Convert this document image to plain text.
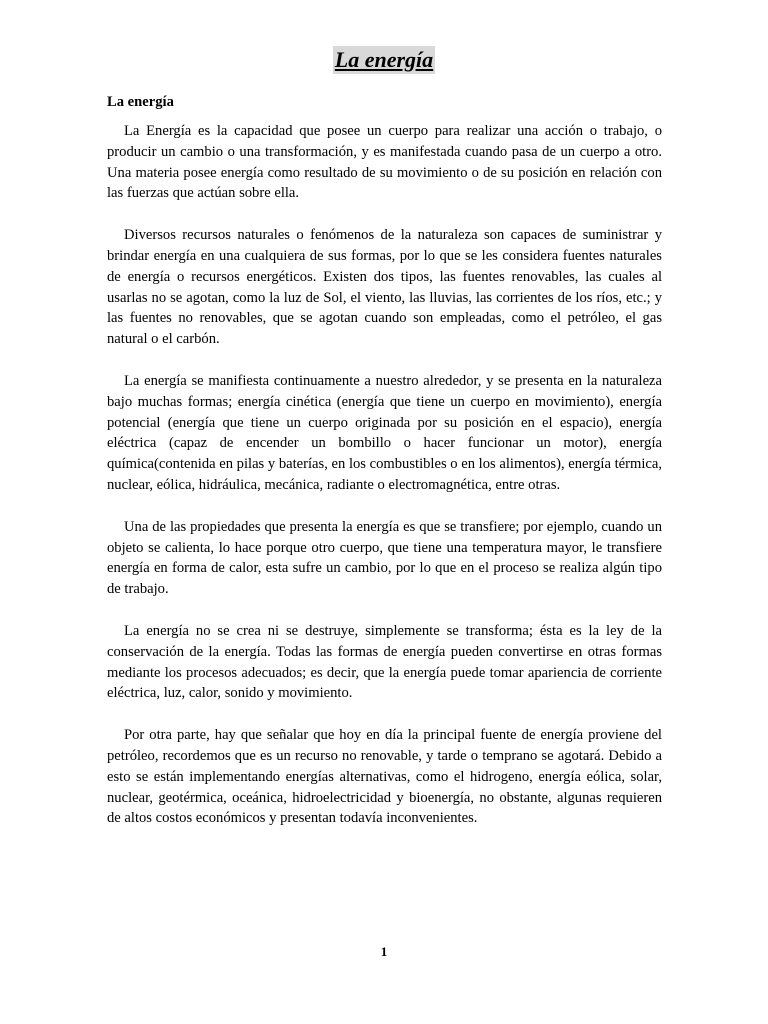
La energía
La energía

La Energía es la capacidad que posee un cuerpo para realizar una acción o trabajo, o producir un cambio o una transformación, y es manifestada cuando pasa de un cuerpo a otro. Una materia posee energía como resultado de su movimiento o de su posición en relación con las fuerzas que actúan sobre ella.

Diversos recursos naturales o fenómenos de la naturaleza son capaces de suministrar y brindar energía en una cualquiera de sus formas, por lo que se les considera fuentes naturales de energía o recursos energéticos. Existen dos tipos, las fuentes renovables, las cuales al usarlas no se agotan, como la luz de Sol, el viento, las lluvias, las corrientes de los ríos, etc.; y las fuentes no renovables, que se agotan cuando son empleadas, como el petróleo, el gas natural o el carbón.

La energía se manifiesta continuamente a nuestro alrededor, y se presenta en la naturaleza bajo muchas formas; energía cinética (energía que tiene un cuerpo en movimiento), energía potencial (energía que tiene un cuerpo originada por su posición en el espacio), energía eléctrica (capaz de encender un bombillo o hacer funcionar un motor), energía química(contenida en pilas y baterías, en los combustibles o en los alimentos), energía térmica, nuclear, eólica, hidráulica, mecánica, radiante o electromagnética, entre otras.

Una de las propiedades que presenta la energía es que se transfiere; por ejemplo, cuando un objeto se calienta, lo hace porque otro cuerpo, que tiene una temperatura mayor, le transfiere energía en forma de calor, esta sufre un cambio, por lo que en el proceso se realiza algún tipo de trabajo.

La energía no se crea ni se destruye, simplemente se transforma; ésta es la ley de la conservación de la energía. Todas las formas de energía pueden convertirse en otras formas mediante los procesos adecuados; es decir, que la energía puede tomar apariencia de corriente eléctrica, luz, calor, sonido y movimiento.

Por otra parte, hay que señalar que hoy en día la principal fuente de energía proviene del petróleo, recordemos que es un recurso no renovable, y tarde o temprano se agotará. Debido a esto se están implementando energías alternativas, como el hidrogeno, energía eólica, solar, nuclear, geotérmica, oceánica, hidroelectricidad y bioenergía, no obstante, algunas requieren de altos costos económicos y presentan todavía inconvenientes.

1
